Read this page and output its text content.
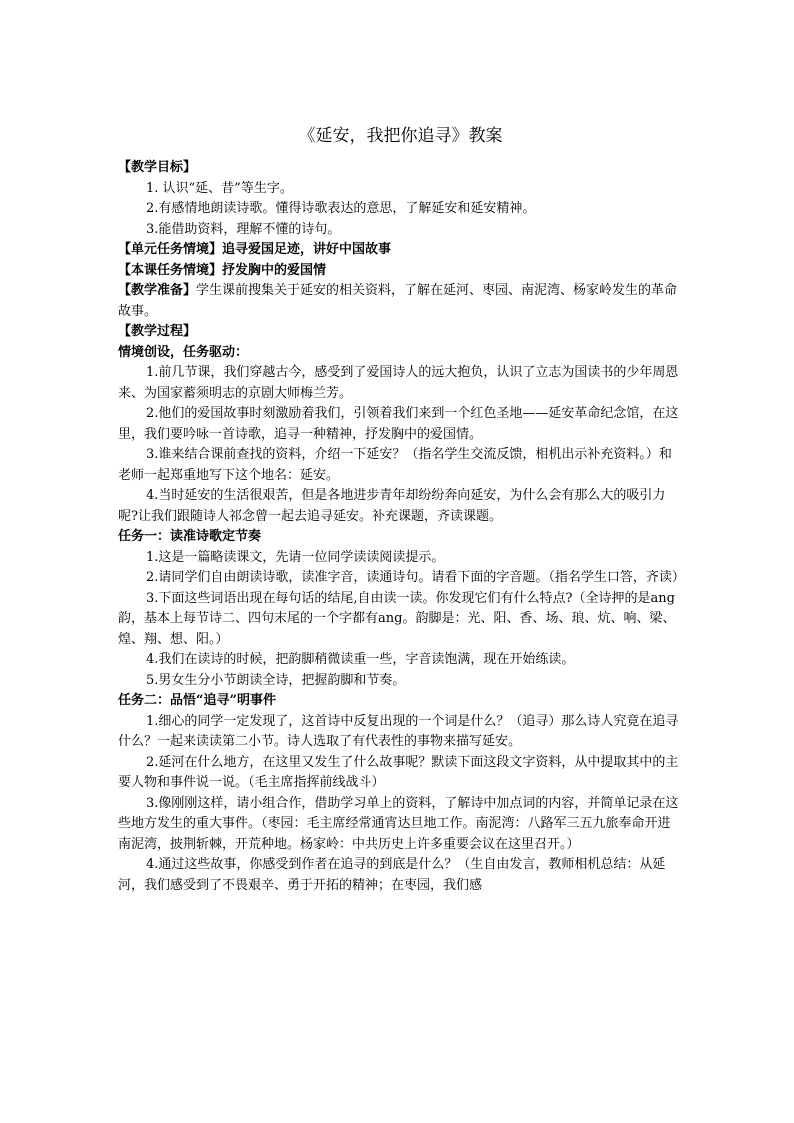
《延安，我把你追寻》教案

【教学目标】

1. 认识“延、昔”等生字。

2.有感情地朗读诗歌。懂得诗歌表达的意思，了解延安和延安精神。

3.能借助资料，理解不懂的诗句。

【单元任务情境】追寻爱国足迹，讲好中国故事

【本课任务情境】抒发胸中的爱国情

【教学准备】学生课前搜集关于延安的相关资料，了解在延河、枣园、南泥湾、杨家岭发生的革命故事。

【教学过程】

情境创设，任务驱动：

1.前几节课，我们穿越古今，感受到了爱国诗人的远大抱负，认识了立志为国读书的少年周恩来、为国家蓄须明志的京剧大师梅兰芳。

2.他们的爱国故事时刻激励着我们，引领着我们来到一个红色圣地——延安革命纪念馆，在这里，我们要吟咏一首诗歌，追寻一种精神，抒发胸中的爱国情。

3.谁来结合课前查找的资料，介绍一下延安？（指名学生交流反馈，相机出示补充资料。）和老师一起郑重地写下这个地名：延安。

4.当时延安的生活很艰苦，但是各地进步青年却纷纷奔向延安，为什么会有那么大的吸引力呢?让我们跟随诗人祁念曾一起去追寻延安。补充课题，齐读课题。

任务一：读准诗歌定节奏

1.这是一篇略读课文，先请一位同学读读阅读提示。

2.请同学们自由朗读诗歌，读准字音，读通诗句。请看下面的字音题。（指名学生口答，齐读）

3.下面这些词语出现在每句话的结尾,自由读一读。你发现它们有什么特点?（全诗押的是ang 韵，基本上每节诗二、四句末尾的一个字都有ang。韵脚是：光、阳、香、场、琅、炕、响、梁、煌、翔、想、阳。）

4.我们在读诗的时候，把韵脚稍微读重一些，字音读饱满，现在开始练读。

5.男女生分小节朗读全诗，把握韵脚和节奏。

任务二：品悟“追寻”明事件

1.细心的同学一定发现了，这首诗中反复出现的一个词是什么？（追寻）那么诗人究竟在追寻什么？一起来读读第二小节。诗人选取了有代表性的事物来描写延安。

2.延河在什么地方，在这里又发生了什么故事呢？默读下面这段文字资料，从中提取其中的主要人物和事件说一说。（毛主席指挥前线战斗）

3.像刚刚这样，请小组合作，借助学习单上的资料，了解诗中加点词的内容，并简单记录在这些地方发生的重大事件。（枣园：毛主席经常通宵达旦地工作。南泥湾：八路军三五九旅奉命开进南泥湾，披荆斩棘，开荒种地。杨家岭：中共历史上许多重要会议在这里召开。）

4.通过这些故事，你感受到作者在追寻的到底是什么？（生自由发言，教师相机总结：从延河，我们感受到了不畏艰辛、勇于开拓的精神；在枣园，我们感
